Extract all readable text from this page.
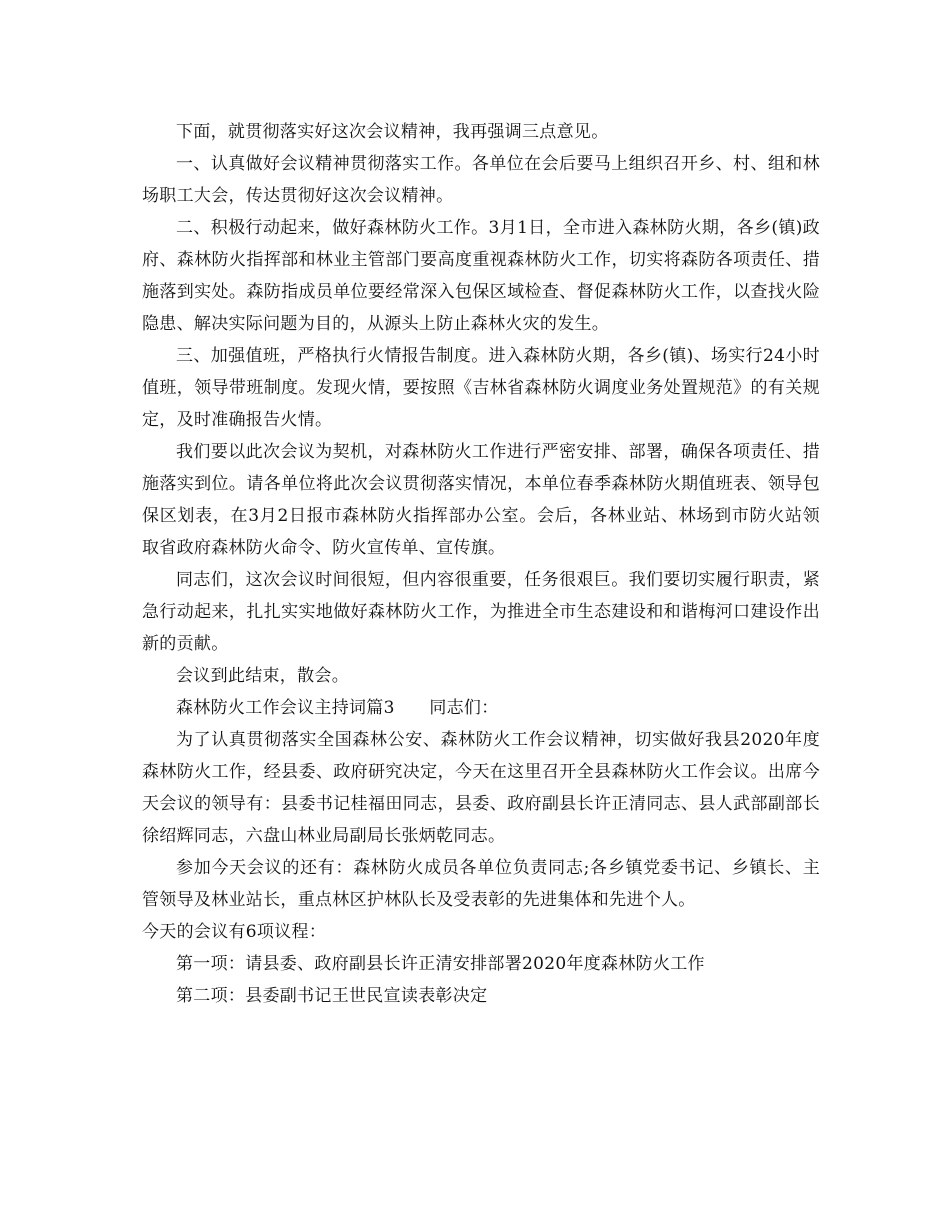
下面，就贯彻落实好这次会议精神，我再强调三点意见。

一、认真做好会议精神贯彻落实工作。各单位在会后要马上组织召开乡、村、组和林场职工大会，传达贯彻好这次会议精神。

二、积极行动起来，做好森林防火工作。3月1日，全市进入森林防火期，各乡(镇)政府、森林防火指挥部和林业主管部门要高度重视森林防火工作，切实将森防各项责任、措施落到实处。森防指成员单位要经常深入包保区域检查、督促森林防火工作，以查找火险隐患、解决实际问题为目的，从源头上防止森林火灾的发生。

三、加强值班，严格执行火情报告制度。进入森林防火期，各乡(镇)、场实行24小时值班，领导带班制度。发现火情，要按照《吉林省森林防火调度业务处置规范》的有关规定，及时准确报告火情。

我们要以此次会议为契机，对森林防火工作进行严密安排、部署，确保各项责任、措施落实到位。请各单位将此次会议贯彻落实情况，本单位春季森林防火期值班表、领导包保区划表，在3月2日报市森林防火指挥部办公室。会后，各林业站、林场到市防火站领取省政府森林防火命令、防火宣传单、宣传旗。

同志们，这次会议时间很短，但内容很重要，任务很艰巨。我们要切实履行职责，紧急行动起来，扎扎实实地做好森林防火工作，为推进全市生态建设和和谐梅河口建设作出新的贡献。

会议到此结束，散会。

森林防火工作会议主持词篇3　　同志们：

为了认真贯彻落实全国森林公安、森林防火工作会议精神，切实做好我县2020年度森林防火工作，经县委、政府研究决定，今天在这里召开全县森林防火工作会议。出席今天会议的领导有：县委书记桂福田同志，县委、政府副县长许正清同志、县人武部副部长徐绍辉同志，六盘山林业局副局长张炳乾同志。

参加今天会议的还有：森林防火成员各单位负责同志;各乡镇党委书记、乡镇长、主管领导及林业站长，重点林区护林队长及受表彰的先进集体和先进个人。

今天的会议有6项议程：

第一项：请县委、政府副县长许正清安排部署2020年度森林防火工作

第二项：县委副书记王世民宣读表彰决定
